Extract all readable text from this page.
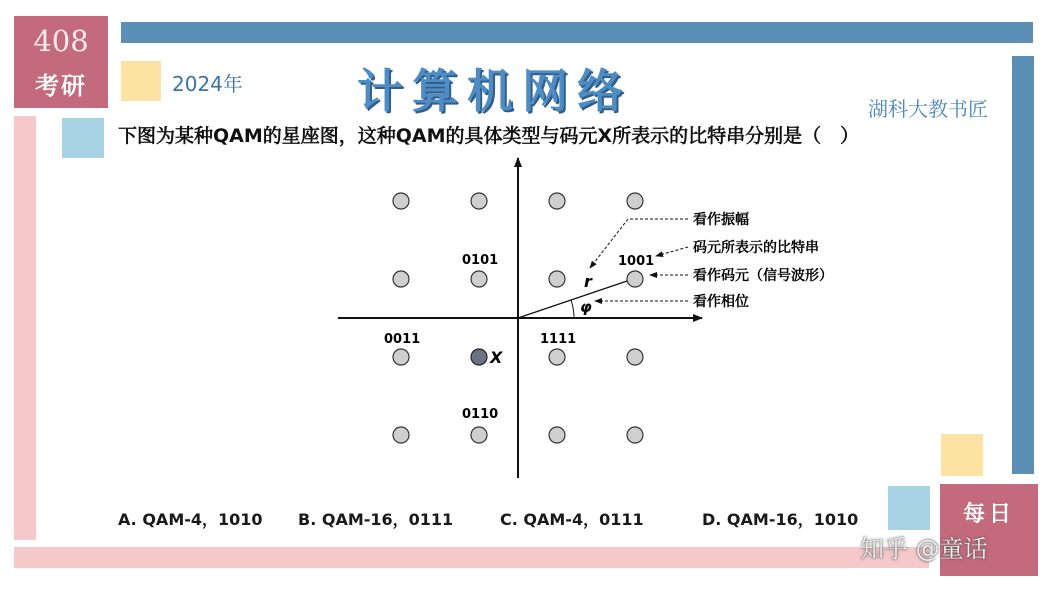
408
考研
每日
2024年 计算机网络	湖科大教书匠
下图为某种QAM的星座图，这种QAM的具体类型与码元X所表示的比特串分别是（　）
0101	1001
0011	1111
0110
X
r
φ
看作振幅
码元所表示的比特串
看作码元（信号波形）
看作相位
A. QAM-4，1010 B. QAM-16，0111	C. QAM-4，0111	D. QAM-16，1010
知乎 @童话
